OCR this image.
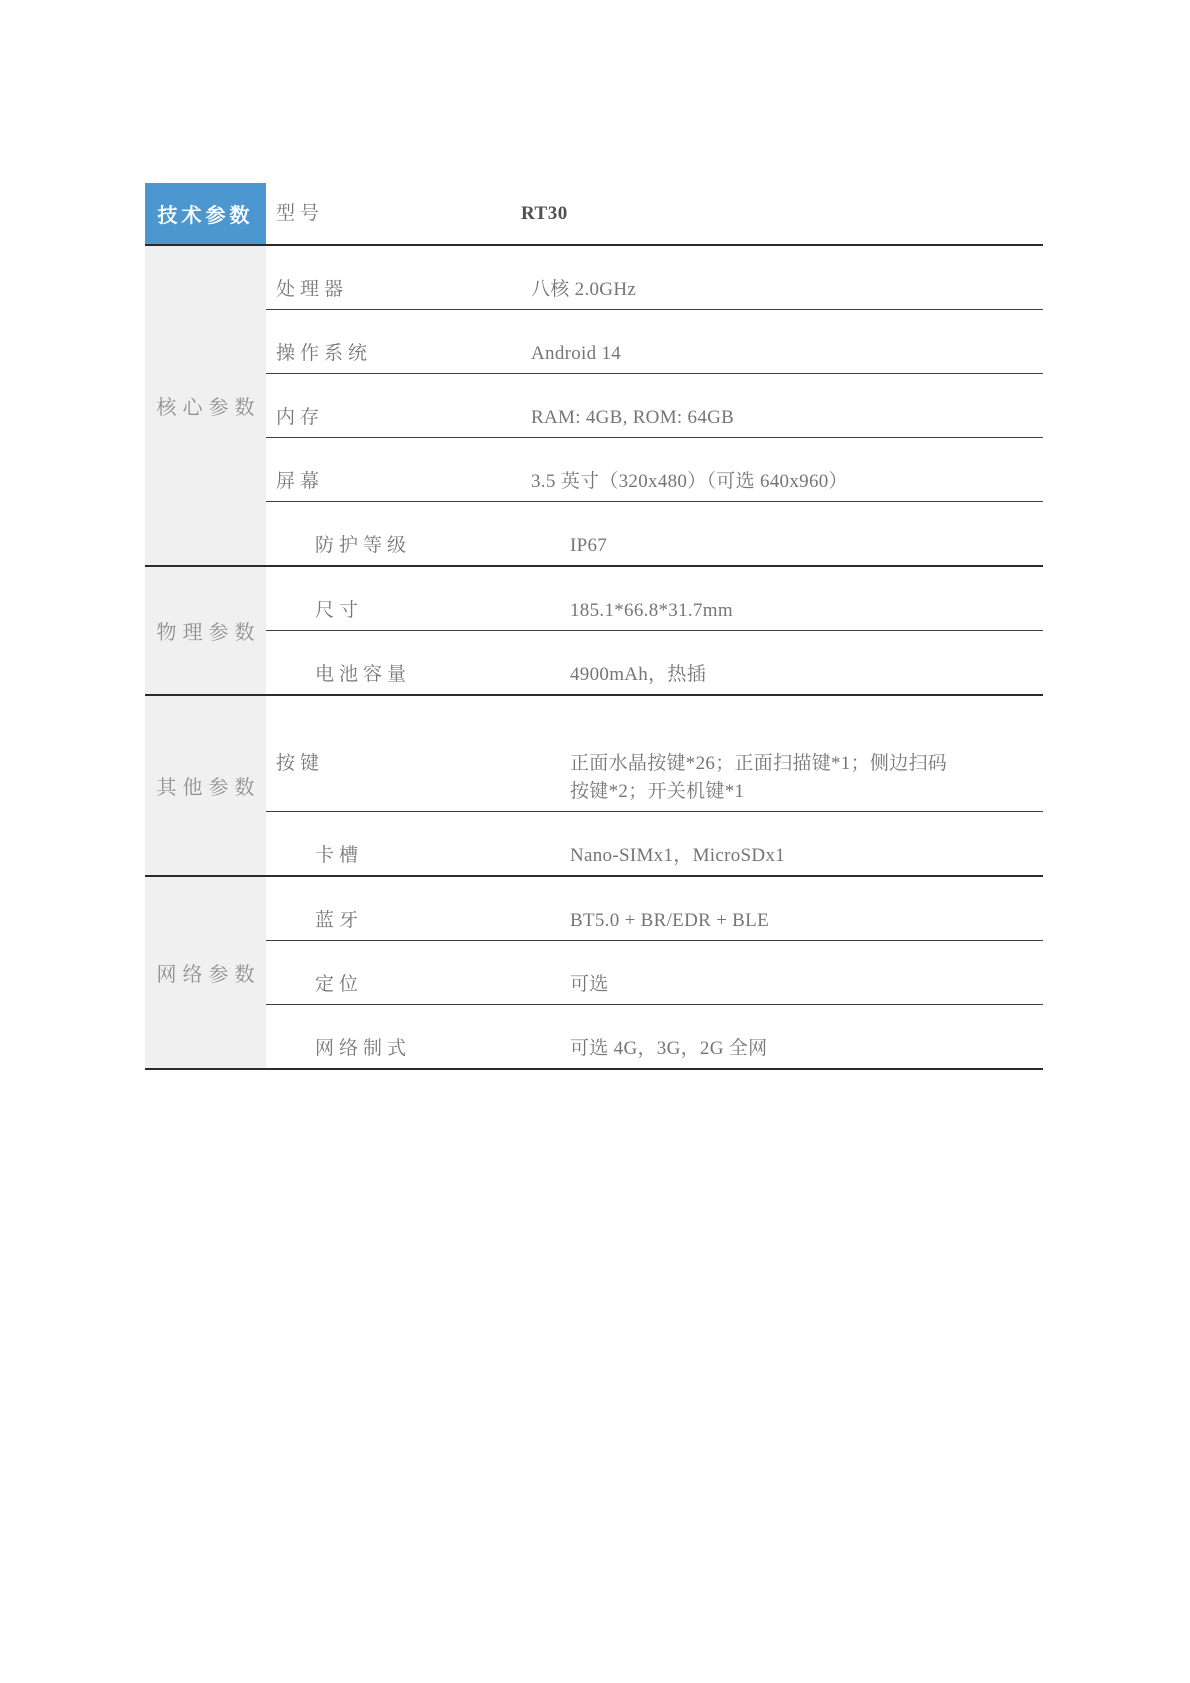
技术参数	型号	RT30
核心参数
处理器	八核 2.0GHz
操作系统	Android 14
内存	RAM: 4GB, ROM: 64GB
屏幕	3.5 英寸（320x480）（可选 640x960）
防护等级	IP67
物理参数
尺寸	185.1*66.8*31.7mm
电池容量	4900mAh，热插
其他参数
按键	正面水晶按键*26；正面扫描键*1；侧边扫码按键*2；开关机键*1
卡槽	Nano-SIMx1，MicroSDx1
网络参数
蓝牙	BT5.0 + BR/EDR + BLE
定位	可选
网络制式	可选 4G，3G，2G 全网
